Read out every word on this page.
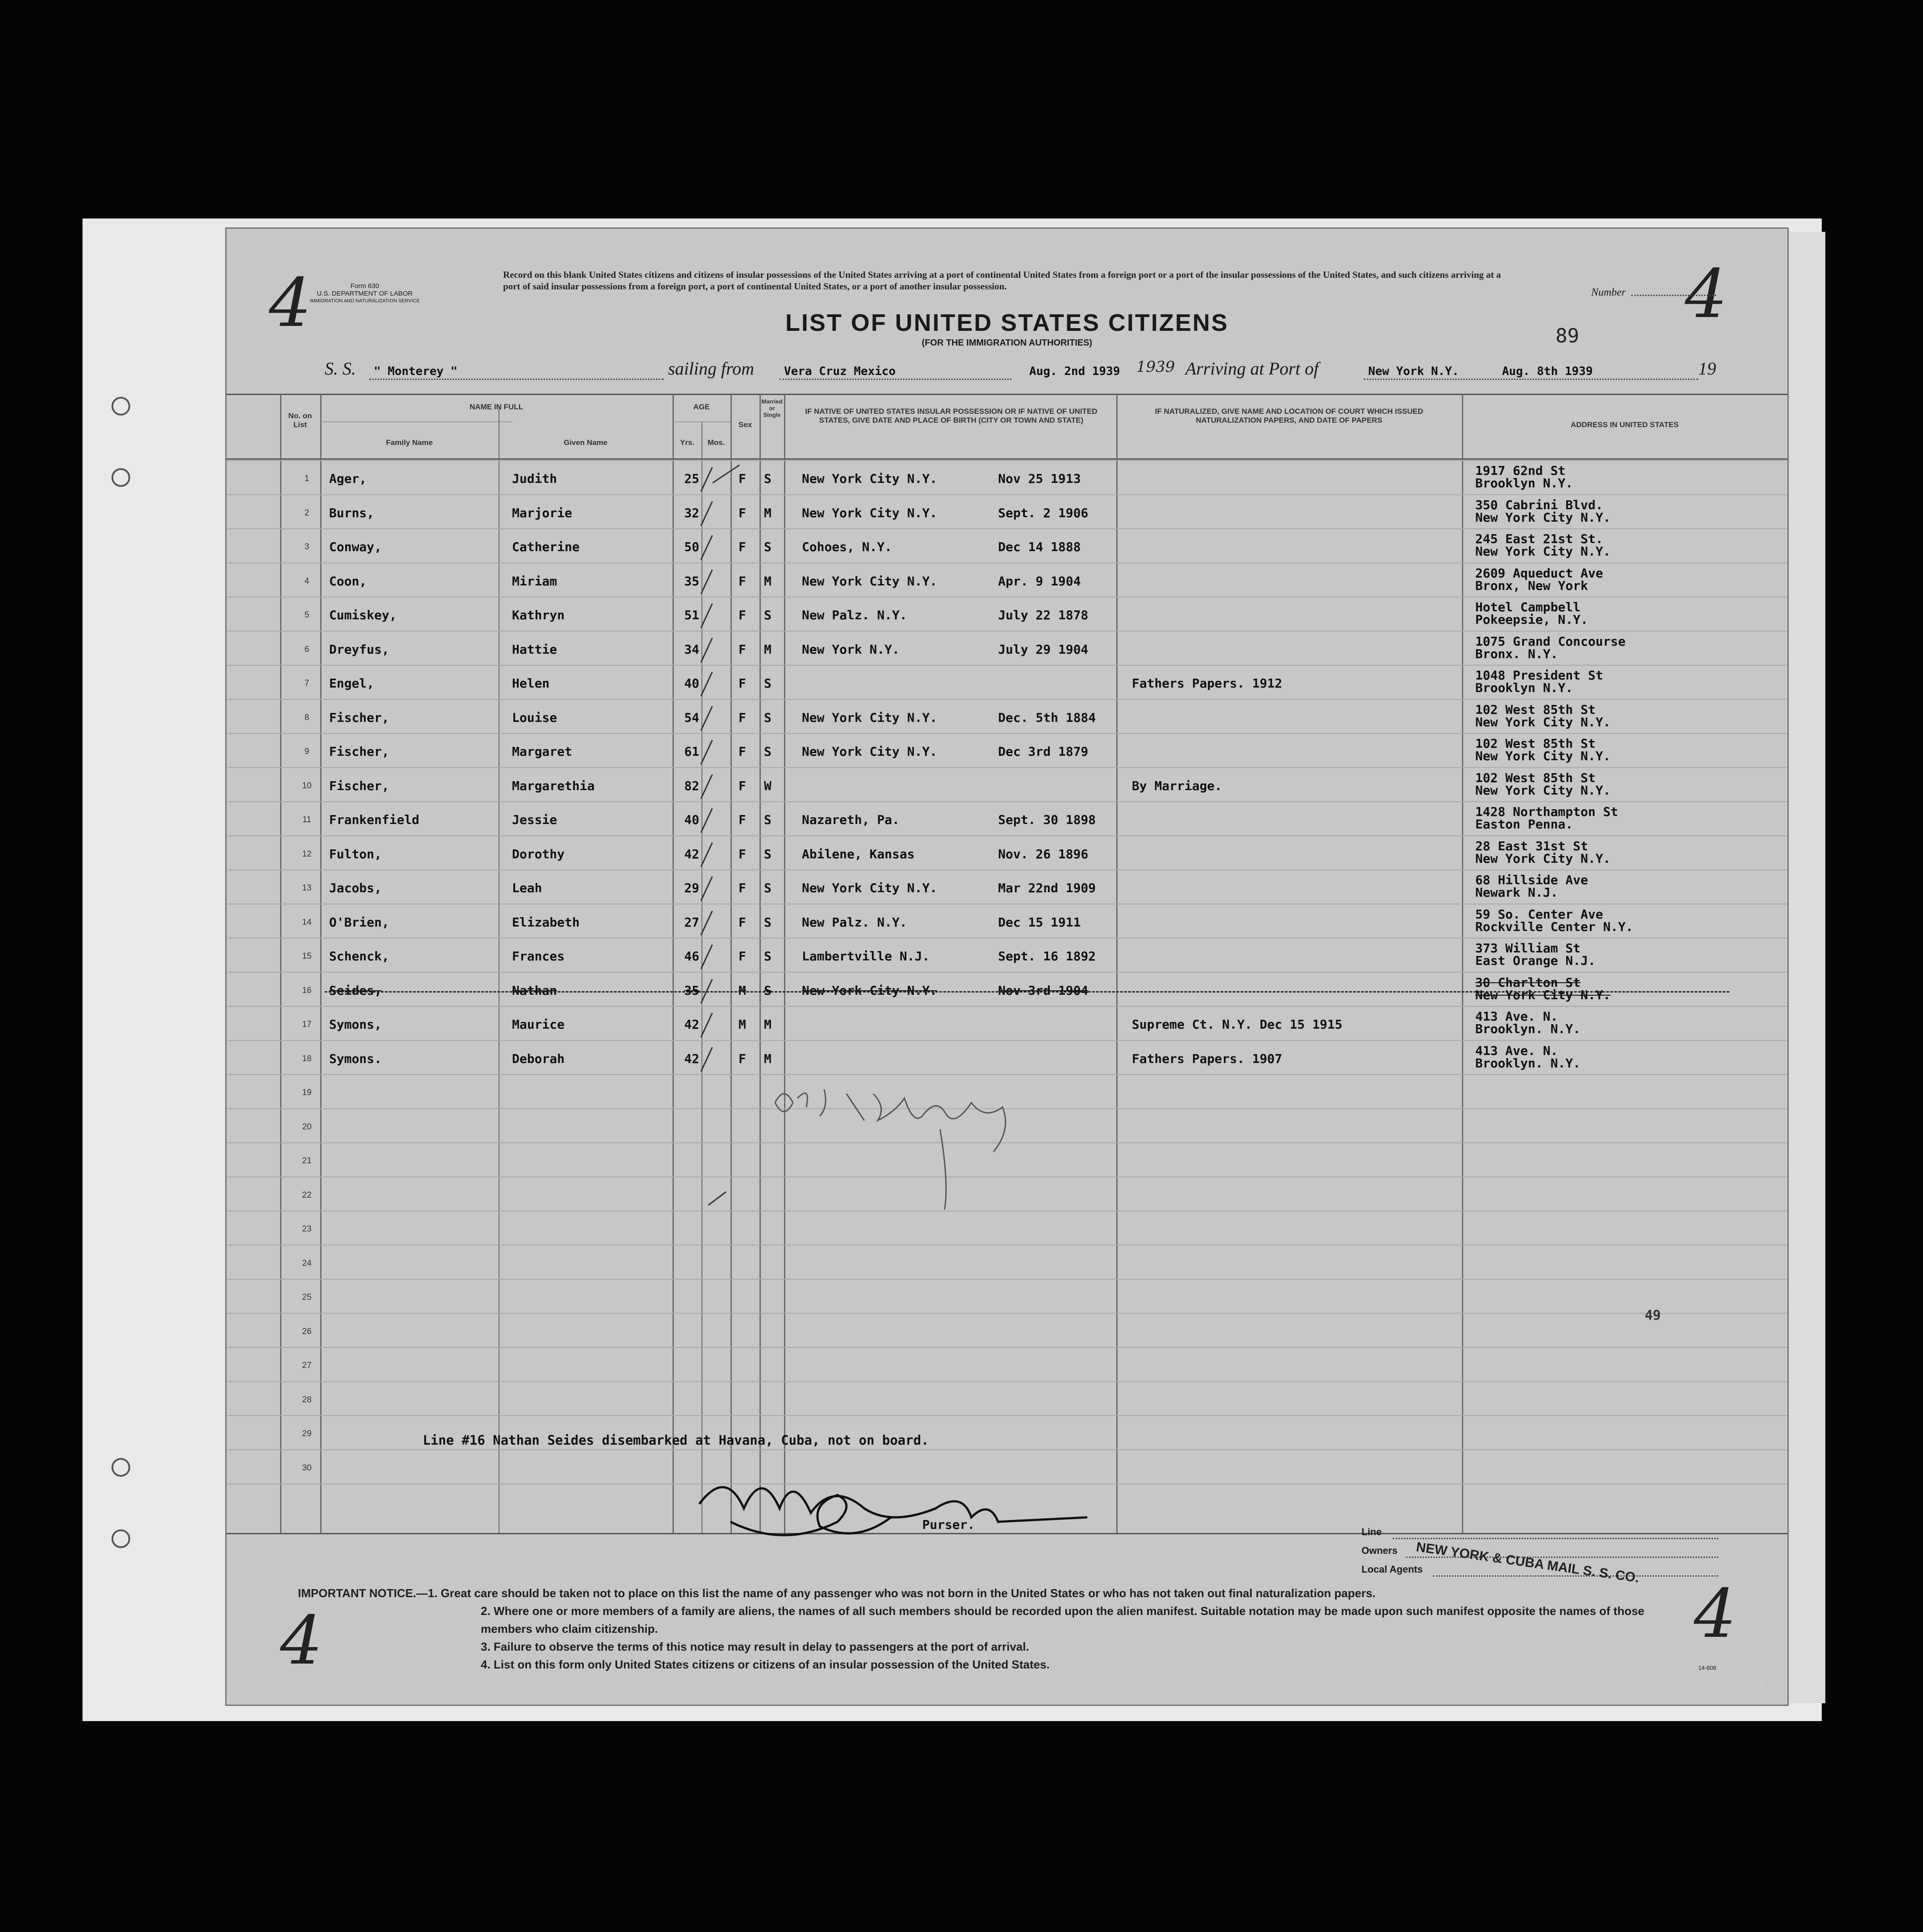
4	4
4	4
Form 630
U.S. DEPARTMENT OF LABOR
IMMIGRATION AND NATURALIZATION SERVICE
Record on this blank United States citizens and citizens of insular possessions of the United States arriving at a port of continental United States from a foreign port or a port of the insular possessions of the United States, and such citizens arriving at a port of said insular possessions from a foreign port, a port of continental United States, or a port of another insular possession.
Number
LIST OF UNITED STATES CITIZENS
(FOR THE IMMIGRATION AUTHORITIES)	89
S. S. " Monterey "	sailing from	Vera Cruz Mexico	Aug. 2nd 1939 1939 Arriving at Port of	New York N.Y.	Aug. 8th 1939	19
No. on List
NAME IN FULL
Family Name	Given Name
AGE
Yrs.	Mos.
Sex
Married or Single	IF NATIVE OF UNITED STATES INSULAR POSSESSION OR IF NATIVE OF UNITED STATES, GIVE DATE AND PLACE OF BIRTH (CITY OR TOWN AND STATE)
IF NATURALIZED, GIVE NAME AND LOCATION OF COURT WHICH ISSUED NATURALIZATION PAPERS, AND DATE OF PAPERS
ADDRESS IN UNITED STATES
1	Ager,	Judith	25	F S New York City N.Y.	Nov 25 1913
1917 62nd St
Brooklyn N.Y.
2	Burns,	Marjorie	32	F M New York City N.Y.	Sept. 2 1906
350 Cabrini Blvd.
New York City N.Y.
3	Conway,	Catherine	50	F S Cohoes, N.Y.	Dec 14 1888
245 East 21st St.
New York City N.Y.
4	Coon,	Miriam	35	F M New York City N.Y.	Apr. 9 1904
2609 Aqueduct Ave
Bronx, New York
5	Cumiskey,	Kathryn	51	F S New Palz. N.Y.	July 22 1878
Hotel Campbell
Pokeepsie, N.Y.
6	Dreyfus,	Hattie	34	F M New York N.Y.	July 29 1904
1075 Grand Concourse
Bronx. N.Y.
7	Engel,	Helen	40	F S	Fathers Papers. 1912
1048 President St
Brooklyn N.Y.
8	Fischer,	Louise	54	F S New York City N.Y.	Dec. 5th 1884
102 West 85th St
New York City N.Y.
9	Fischer,	Margaret	61	F S New York City N.Y.	Dec 3rd 1879
102 West 85th St
New York City N.Y.
10	Fischer,	Margarethia	82	F W	By Marriage.
102 West 85th St
New York City N.Y.
11	Frankenfield	Jessie	40	F S Nazareth, Pa.	Sept. 30 1898
1428 Northampton St
Easton Penna.
12	Fulton,	Dorothy	42	F S Abilene, Kansas	Nov. 26 1896
28 East 31st St
New York City N.Y.
13	Jacobs,	Leah	29	F S New York City N.Y.	Mar 22nd 1909
68 Hillside Ave
Newark N.J.
14	O'Brien,	Elizabeth	27	F S New Palz. N.Y.	Dec 15 1911
59 So. Center Ave
Rockville Center N.Y.
15	Schenck,	Frances	46	F S Lambertville N.J.	Sept. 16 1892
373 William St
East Orange N.J.
16	Seides,	Nathan	35	M S New York City N.Y.	Nov 3rd 1904
30 Charlton St
New York City N.Y.
17	Symons,	Maurice	42	M M	Supreme Ct. N.Y. Dec 15 1915
413 Ave. N.
Brooklyn. N.Y.
18	Symons.	Deborah	42	F M	Fathers Papers. 1907
413 Ave. N.
Brooklyn. N.Y.
19
20
21
22
23
24
25
26
27
28
29
30
49
Line #16 Nathan Seides disembarked at Havana, Cuba, not on board.
Purser.	Line
Owners
Local Agents
NEW YORK & CUBA MAIL S. S. CO.
IMPORTANT NOTICE.—1. Great care should be taken not to place on this list the name of any passenger who was not born in the United States or who has not taken out final naturalization papers.
2. Where one or more members of a family are aliens, the names of all such members should be recorded upon the alien manifest. Suitable notation may be made upon such manifest opposite the names of those members who claim citizenship.
3. Failure to observe the terms of this notice may result in delay to passengers at the port of arrival.
4. List on this form only United States citizens or citizens of an insular possession of the United States.	14-608
3
